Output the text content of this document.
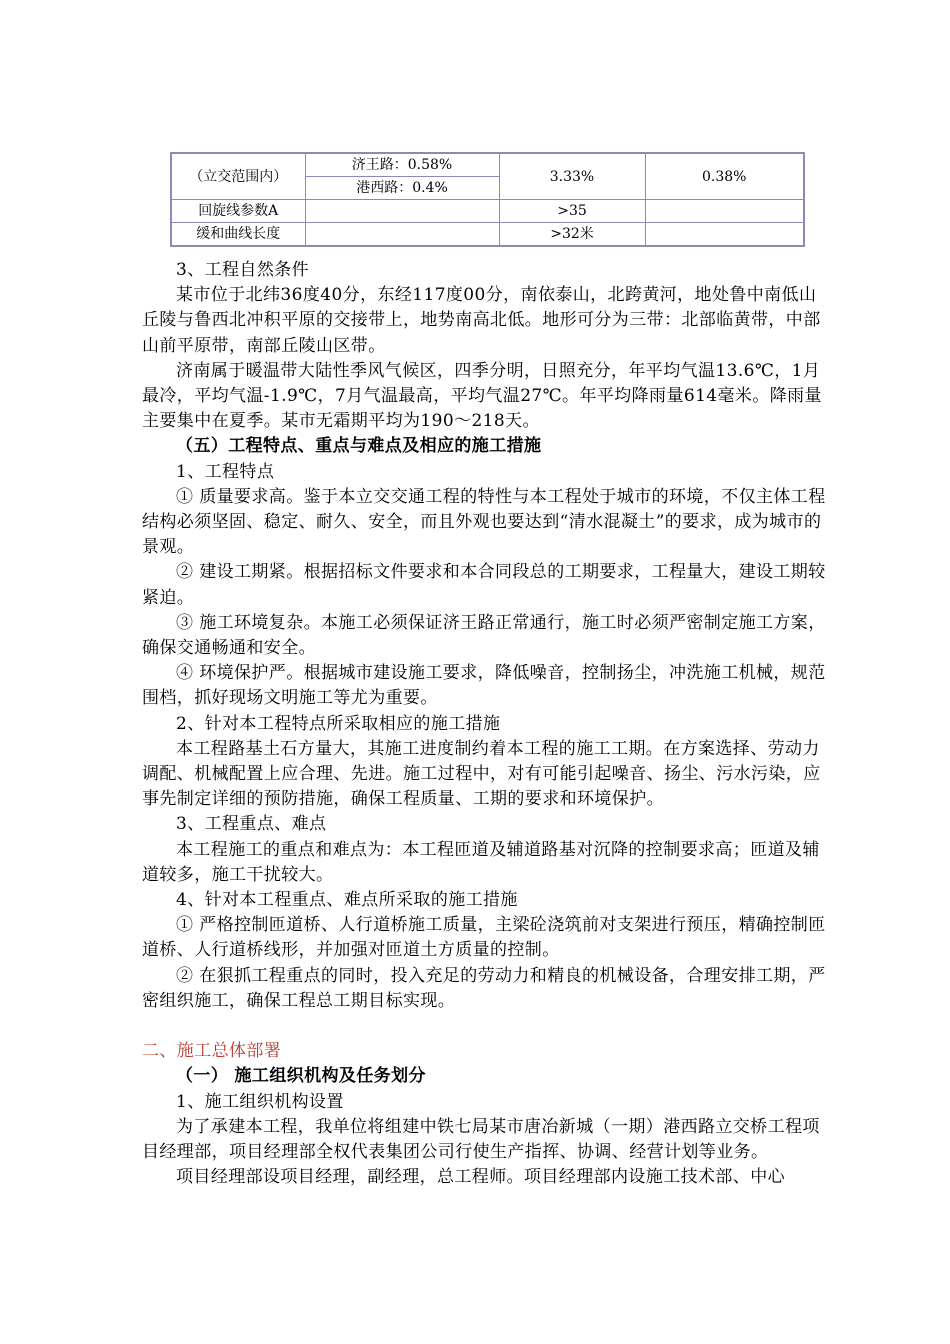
（立交范围内）	济王路：0.58%	3.33%	0.38%
	港西路：0.4%		
回旋线参数A		>35	
缓和曲线长度		>32米	

3、工程自然条件

某市位于北纬36度40分，东经117度00分，南依泰山，北跨黄河，地处鲁中南低山丘陵与鲁西北冲积平原的交接带上，地势南高北低。地形可分为三带：北部临黄带，中部山前平原带，南部丘陵山区带。

济南属于暖温带大陆性季风气候区，四季分明，日照充分，年平均气温13.6℃，1月最冷，平均气温-1.9℃，7月气温最高，平均气温27℃。年平均降雨量614毫米。降雨量主要集中在夏季。某市无霜期平均为190～218天。

（五）工程特点、重点与难点及相应的施工措施

1、工程特点

① 质量要求高。鉴于本立交交通工程的特性与本工程处于城市的环境，不仅主体工程结构必须坚固、稳定、耐久、安全，而且外观也要达到“清水混凝土”的要求，成为城市的景观。

② 建设工期紧。根据招标文件要求和本合同段总的工期要求，工程量大，建设工期较紧迫。

③ 施工环境复杂。本施工必须保证济王路正常通行，施工时必须严密制定施工方案，确保交通畅通和安全。

④ 环境保护严。根据城市建设施工要求，降低噪音，控制扬尘，冲洗施工机械，规范围档，抓好现场文明施工等尤为重要。

2、针对本工程特点所采取相应的施工措施

本工程路基土石方量大，其施工进度制约着本工程的施工工期。在方案选择、劳动力调配、机械配置上应合理、先进。施工过程中，对有可能引起噪音、扬尘、污水污染，应事先制定详细的预防措施，确保工程质量、工期的要求和环境保护。

3、工程重点、难点

本工程施工的重点和难点为：本工程匝道及辅道路基对沉降的控制要求高；匝道及辅道较多，施工干扰较大。

4、针对本工程重点、难点所采取的施工措施

① 严格控制匝道桥、人行道桥施工质量，主梁砼浇筑前对支架进行预压，精确控制匝道桥、人行道桥线形，并加强对匝道土方质量的控制。

② 在狠抓工程重点的同时，投入充足的劳动力和精良的机械设备，合理安排工期，严密组织施工，确保工程总工期目标实现。

二、施工总体部署

（一） 施工组织机构及任务划分

1、施工组织机构设置

为了承建本工程，我单位将组建中铁七局某市唐冶新城（一期）港西路立交桥工程项目经理部，项目经理部全权代表集团公司行使生产指挥、协调、经营计划等业务。

项目经理部设项目经理，副经理，总工程师。项目经理部内设施工技术部、中心
